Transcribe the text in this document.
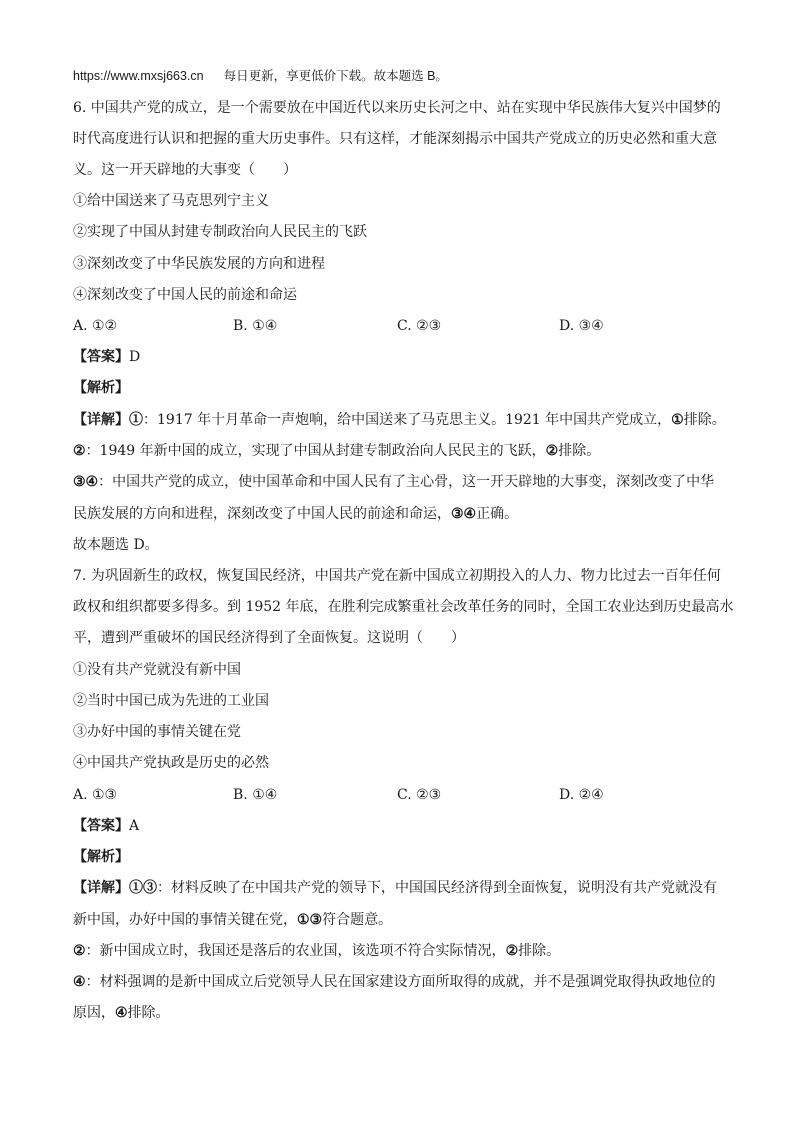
https://www.mxsj663.cn 每日更新，享更低价下载。故本题选 B。
6. 中国共产党的成立，是一个需要放在中国近代以来历史长河之中、站在实现中华民族伟大复兴中国梦的
时代高度进行认识和把握的重大历史事件。只有这样，才能深刻揭示中国共产党成立的历史必然和重大意
义。这一开天辟地的大事变（　　）
①给中国送来了马克思列宁主义
②实现了中国从封建专制政治向人民民主的飞跃
③深刻改变了中华民族发展的方向和进程
④深刻改变了中国人民的前途和命运
A. ①②	B. ①④	C. ②③	D. ③④
【答案】D
【解析】
【详解】①：1917 年十月革命一声炮响，给中国送来了马克思主义。1921 年中国共产党成立，①排除。
②：1949 年新中国的成立，实现了中国从封建专制政治向人民民主的飞跃，②排除。
③④：中国共产党的成立，使中国革命和中国人民有了主心骨，这一开天辟地的大事变，深刻改变了中华
民族发展的方向和进程，深刻改变了中国人民的前途和命运，③④正确。
故本题选 D。
7. 为巩固新生的政权，恢复国民经济，中国共产党在新中国成立初期投入的人力、物力比过去一百年任何
政权和组织都要多得多。到 1952 年底，在胜利完成繁重社会改革任务的同时，全国工农业达到历史最高水
平，遭到严重破坏的国民经济得到了全面恢复。这说明（　　）
①没有共产党就没有新中国
②当时中国已成为先进的工业国
③办好中国的事情关键在党
④中国共产党执政是历史的必然
A. ①③	B. ①④	C. ②③	D. ②④
【答案】A
【解析】
【详解】①③：材料反映了在中国共产党的领导下，中国国民经济得到全面恢复，说明没有共产党就没有
新中国，办好中国的事情关键在党，①③符合题意。
②：新中国成立时，我国还是落后的农业国，该选项不符合实际情况，②排除。
④：材料强调的是新中国成立后党领导人民在国家建设方面所取得的成就，并不是强调党取得执政地位的
原因，④排除。
